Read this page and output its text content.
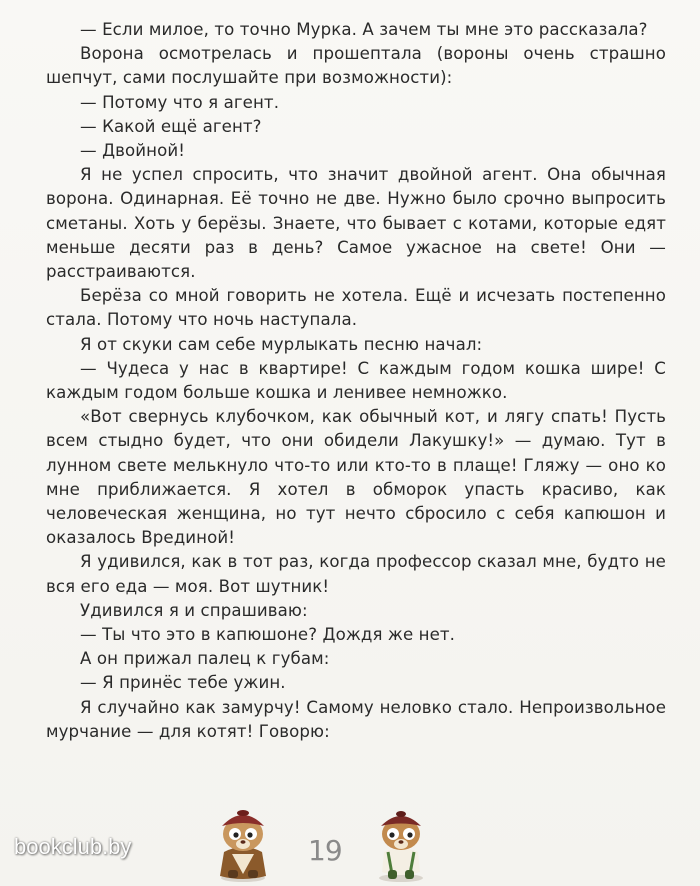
— Если милое, то точно Мурка. А зачем ты мне это рассказала?

Ворона осмотрелась и прошептала (вороны очень страшно шепчут, сами послушайте при возможности):

— Потому что я агент.

— Какой ещё агент?

— Двойной!

Я не успел спросить, что значит двойной агент. Она обычная ворона. Одинарная. Её точно не две. Нужно было срочно выпросить сметаны. Хоть у берёзы. Знаете, что бывает с котами, которые едят меньше десяти раз в день? Самое ужасное на свете! Они — расстраиваются.

Берёза со мной говорить не хотела. Ещё и исчезать постепенно стала. Потому что ночь наступала.

Я от скуки сам себе мурлыкать песню начал:

— Чудеса у нас в квартире! С каждым годом кошка шире! С каждым годом больше кошка и ленивее немножко.

«Вот свернусь клубочком, как обычный кот, и лягу спать! Пусть всем стыдно будет, что они обидели Лакушку!» — думаю. Тут в лунном свете мелькнуло что-то или кто-то в плаще! Гляжу — оно ко мне приближается. Я хотел в обморок упасть красиво, как человеческая женщина, но тут нечто сбросило с себя капюшон и оказалось Врединой!

Я удивился, как в тот раз, когда профессор сказал мне, будто не вся его еда — моя. Вот шутник!

Удивился я и спрашиваю:

— Ты что это в капюшоне? Дождя же нет.

А он прижал палец к губам:

— Я принёс тебе ужин.

Я случайно как замурчу! Самому неловко стало. Непроизвольное мурчание — для котят! Говорю:

bookclub.by	19
